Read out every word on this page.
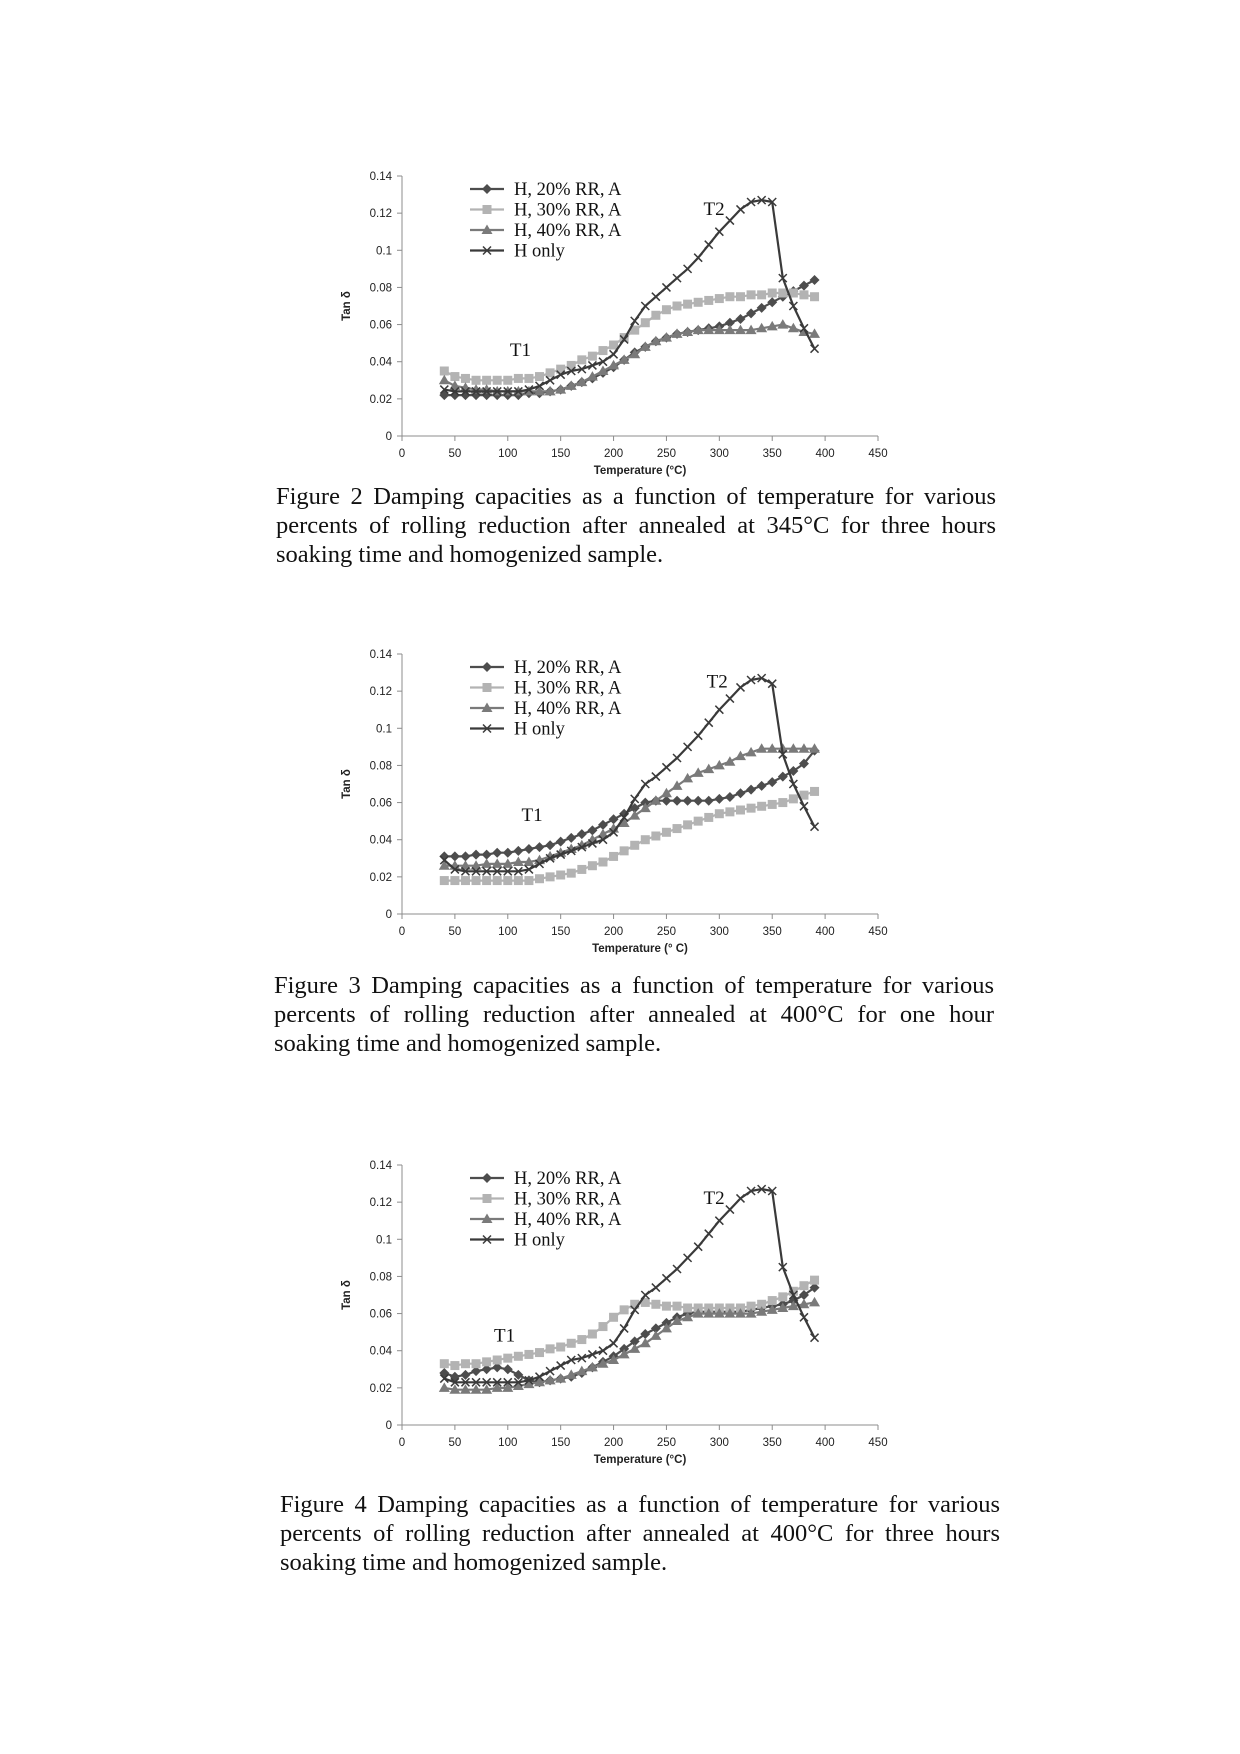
0
0.02
0.04
0.06
0.08
0.1
0.12
0.14
0	50	100	150	200	250	300	350	400	450
Temperature (°C)
Tan δ
H, 20% RR, A
H, 30% RR, A
H, 40% RR, A
H only
T1
T2
Figure 2 Damping capacities as a function of temperature for various percents of rolling reduction after annealed at 345°C for three hours soaking time and homogenized sample.
0
0.02
0.04
0.06
0.08
0.1
0.12
0.14
0	50	100	150	200	250	300	350	400	450
Temperature (° C)
Tan δ
H, 20% RR, A
H, 30% RR, A
H, 40% RR, A
H only
T1
T2
Figure 3 Damping capacities as a function of temperature for various percents of rolling reduction after annealed at 400°C for one hour soaking time and homogenized sample.
0
0.02
0.04
0.06
0.08
0.1
0.12
0.14
0	50	100	150	200	250	300	350	400	450
Temperature (°C)
Tan δ
H, 20% RR, A
H, 30% RR, A
H, 40% RR, A
H only
T1
T2
Figure 4 Damping capacities as a function of temperature for various percents of rolling reduction after annealed at 400°C for three hours soaking time and homogenized sample.
